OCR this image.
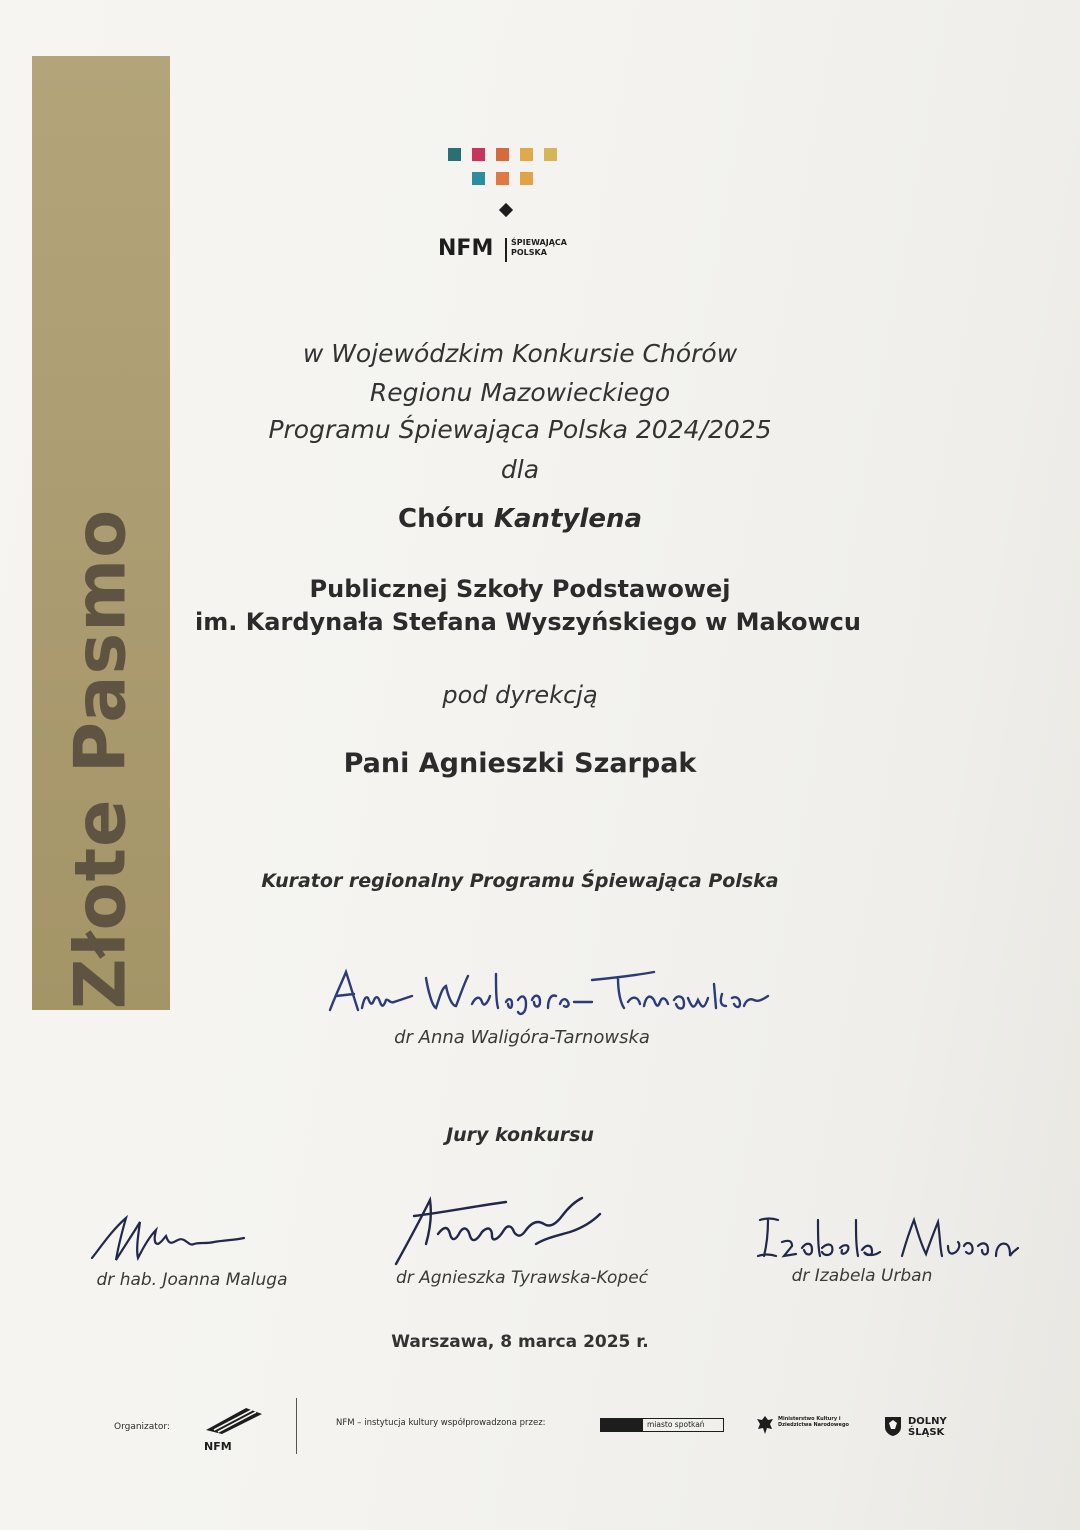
Złote Pasmo
NFM ŚPIEWAJĄCA
POLSKA
w Wojewódzkim Konkursie Chórów
Regionu Mazowieckiego
Programu Śpiewająca Polska 2024/2025
dla
Chóru Kantylena
Publicznej Szkoły Podstawowej
im. Kardynała Stefana Wyszyńskiego w Makowcu
pod dyrekcją
Pani Agnieszki Szarpak
Kurator regionalny Programu Śpiewająca Polska
dr Anna Waligóra-Tarnowska
Jury konkursu
dr hab. Joanna Maluga	dr Agnieszka Tyrawska-Kopeć	dr Izabela Urban
Warszawa, 8 marca 2025 r.
Organizator:
NFM
NFM – instytucja kultury współprowadzona przez:	miasto spotkań
Ministerstwo Kultury i Dziedzictwa Narodowego	DOLNY ŚLĄSK
